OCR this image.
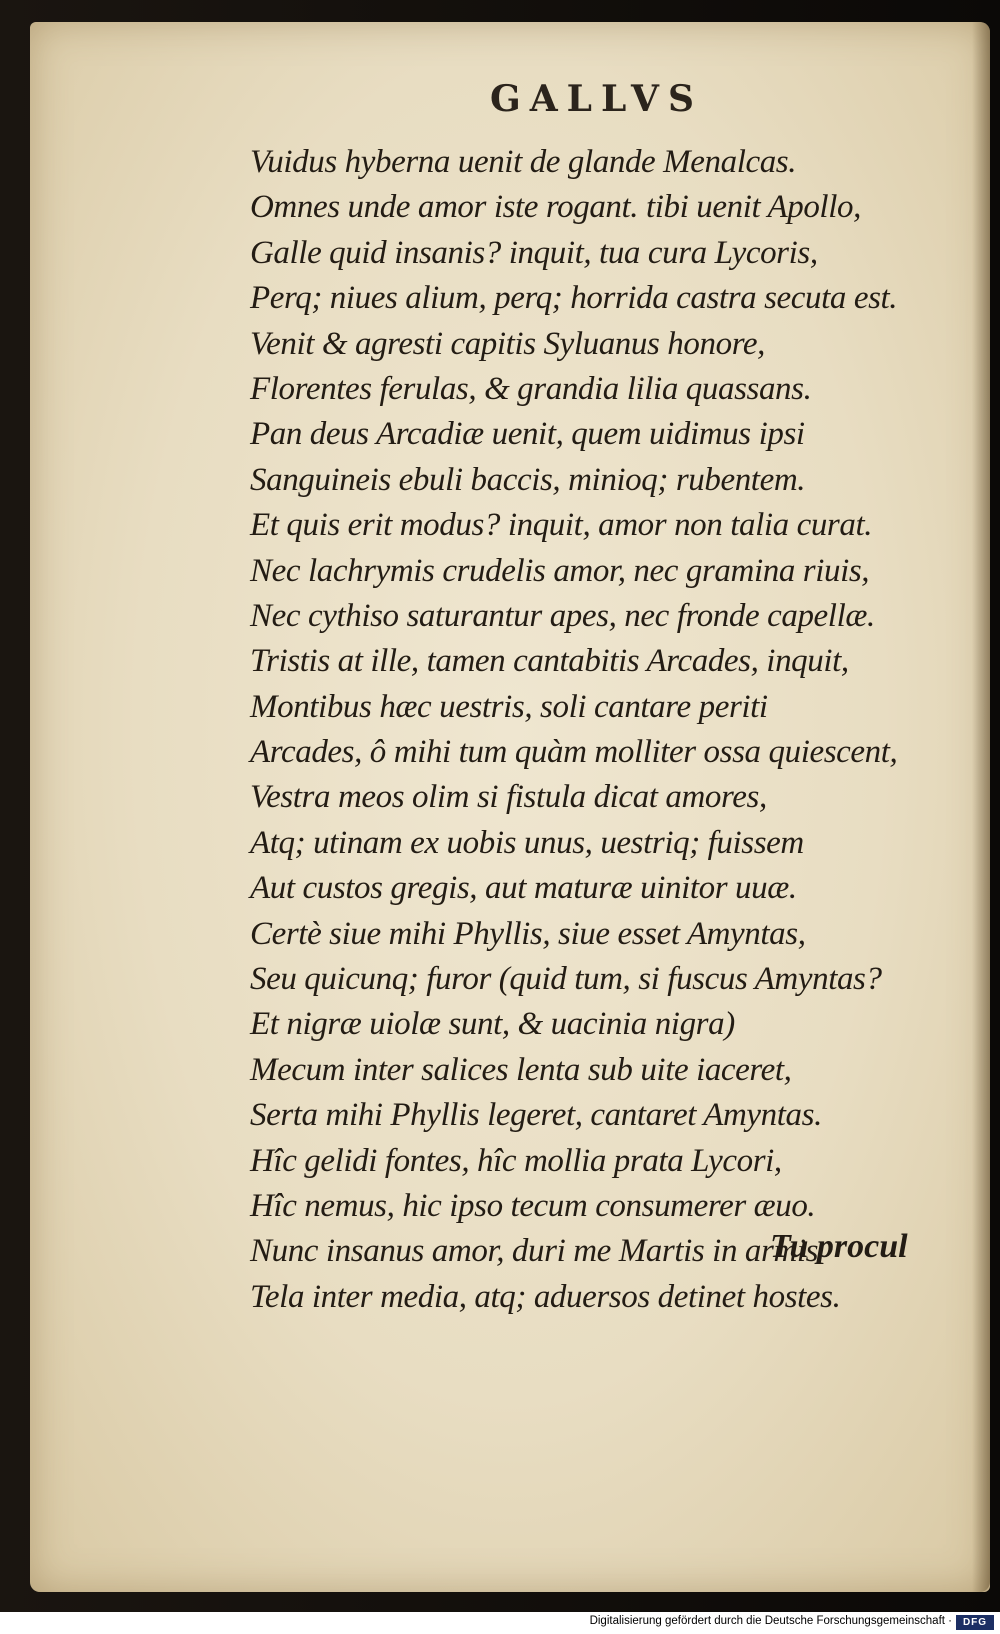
GALLVS
Vuidus hyberna uenit de glande Menalcas.
Omnes unde amor iste rogant. tibi uenit Apollo,
Galle quid insanis? inquit, tua cura Lycoris,
Perq; niues alium, perq; horrida castra secuta est.
Venit & agresti capitis Syluanus honore,
Florentes ferulas, & grandia lilia quassans.
Pan deus Arcadiæ uenit, quem uidimus ipsi
Sanguineis ebuli baccis, minioq; rubentem.
Et quis erit modus? inquit, amor non talia curat.
Nec lachrymis crudelis amor, nec gramina riuis,
Nec cythiso saturantur apes, nec fronde capellæ.
Tristis at ille, tamen cantabitis Arcades, inquit,
Montibus hæc uestris, soli cantare periti
Arcades, ô mihi tum quàm molliter ossa quiescent,
Vestra meos olim si fistula dicat amores,
Atq; utinam ex uobis unus, uestriq; fuissem
Aut custos gregis, aut maturæ uinitor uuæ.
Certè siue mihi Phyllis, siue esset Amyntas,
Seu quicunq; furor (quid tum, si fuscus Amyntas?
Et nigræ uiolæ sunt, & uacinia nigra)
Mecum inter salices lenta sub uite iaceret,
Serta mihi Phyllis legeret, cantaret Amyntas.
Hîc gelidi fontes, hîc mollia prata Lycori,
Hîc nemus, hic ipso tecum consumerer æuo.
Nunc insanus amor, duri me Martis in armis
Tela inter media, atq; aduersos detinet hostes.
Tu procul
Digitalisierung gefördert durch die Deutsche Forschungsgemeinschaft ·	DFG
